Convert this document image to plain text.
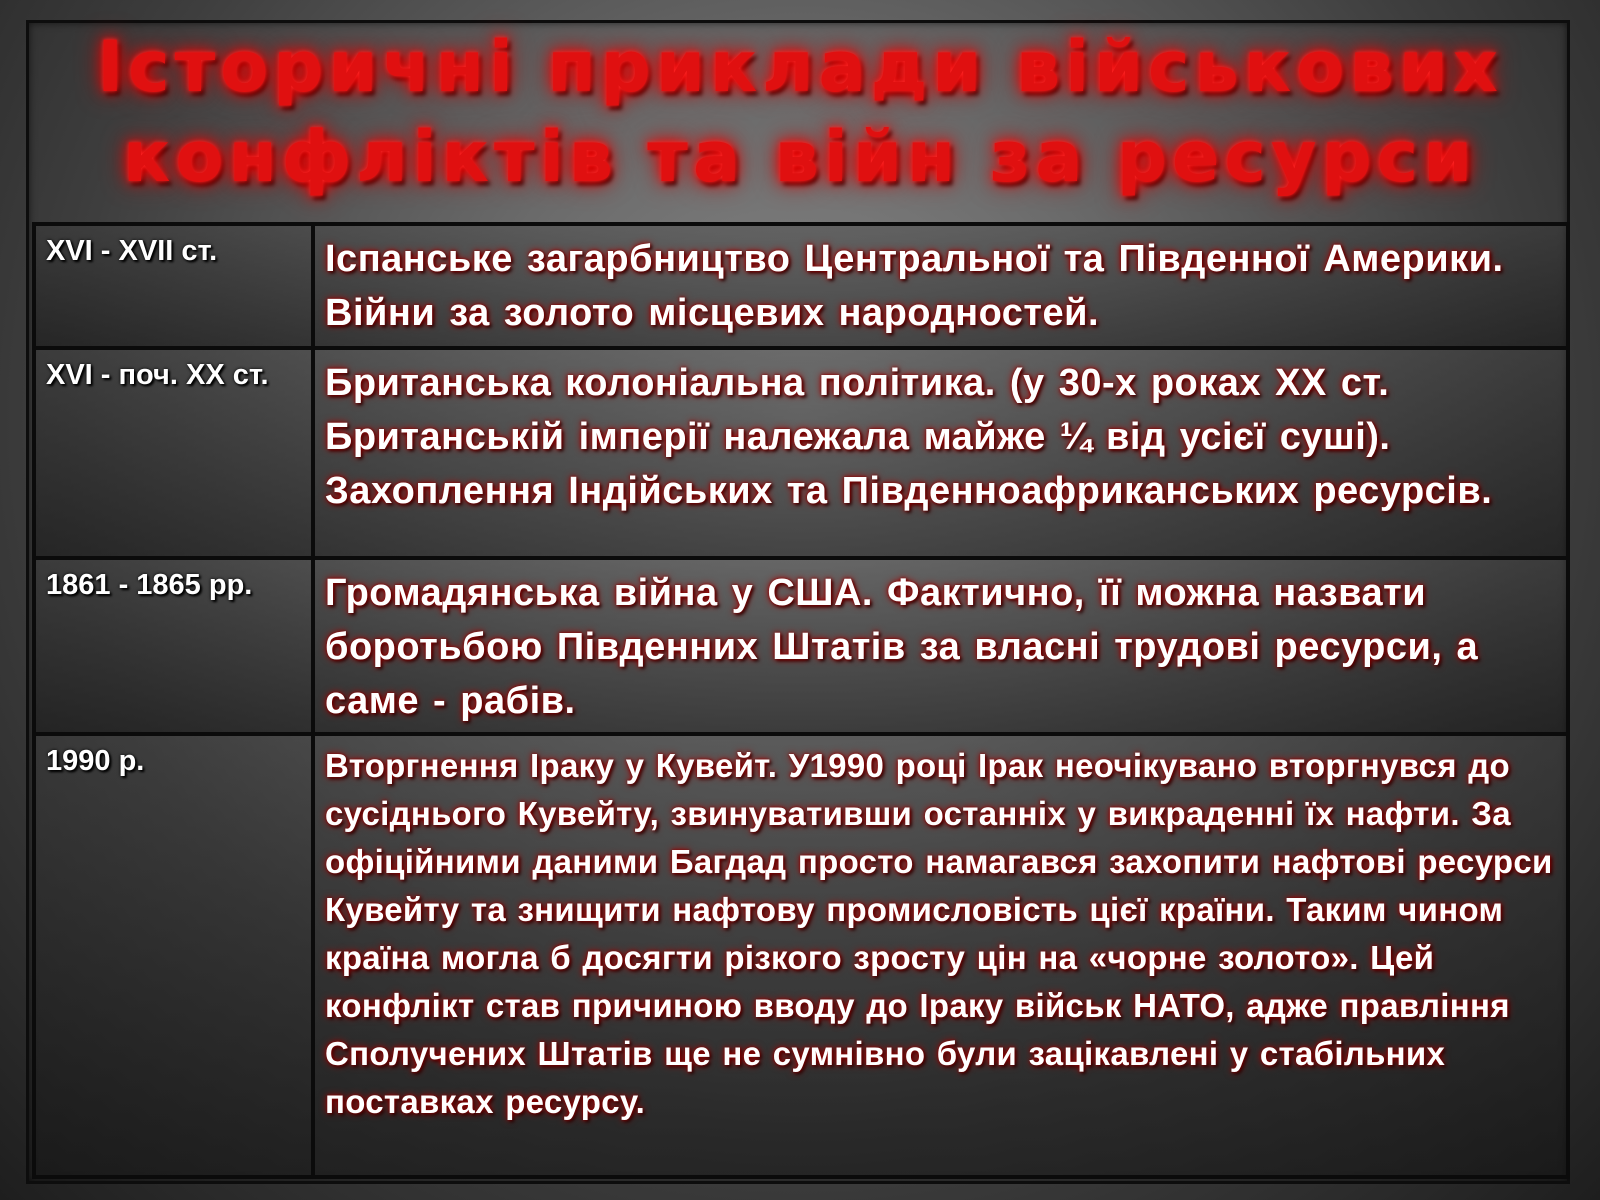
Історичні приклади військових
конфліктів та війн за ресурси
XVI - XVII ст.	Іспанське загарбництво Центральної та Південної Америки. Війни за золото місцевих народностей.
XVI - поч. ХХ ст.	Британська колоніальна політика. (у 30-х роках ХХ ст. Британській імперії належала майже ¼ від усієї суші). Захоплення Індійських та Південноафриканських ресурсів.
1861 - 1865 рр.	Громадянська війна у США. Фактично, її можна назвати боротьбою Південних Штатів за власні трудові ресурси, а саме - рабів.
1990 р.	Вторгнення Іраку у Кувейт. У1990 році Ірак неочікувано вторгнувся до сусіднього Кувейту, звинувативши останніх у викраденні їх нафти. За офіційними даними Багдад просто намагався захопити нафтові ресурси Кувейту та знищити нафтову промисловість цієї країни. Таким чином країна могла б досягти різкого зросту цін на «чорне золото». Цей конфлікт став причиною вводу до Іраку військ НАТО, адже правління Сполучених Штатів ще не сумнівно були зацікавлені у стабільних поставках ресурсу.
